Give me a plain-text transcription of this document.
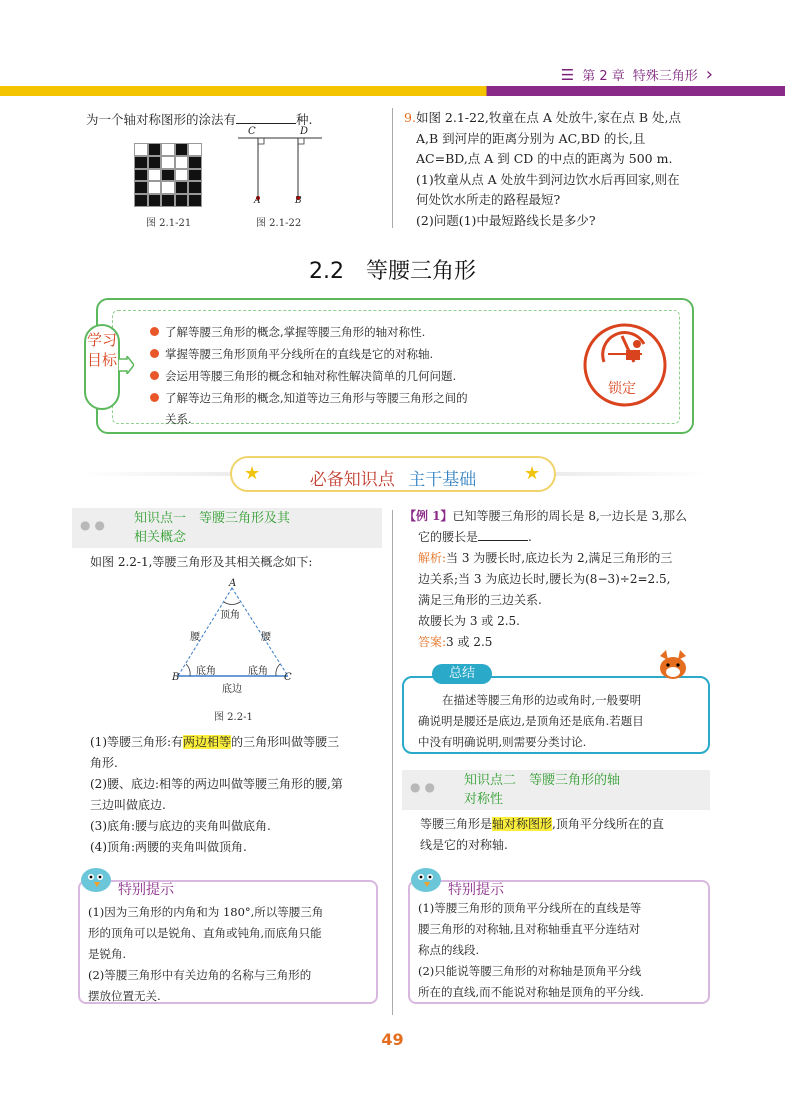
☰ 第 2 章 特殊三角形 ›
为一个轴对称图形的涂法有	种.
图 2.1-21
C	D
A	B
图 2.1-22
9.如图 2.1-22,牧童在点 A 处放牛,家在点 B 处,点
A,B 到河岸的距离分别为 AC,BD 的长,且
AC=BD,点 A 到 CD 的中点的距离为 500 m.
(1)牧童从点 A 处放牛到河边饮水后再回家,则在
何处饮水所走的路程最短?
(2)问题(1)中最短路线长是多少?
2.2　等腰三角形
学习目标
了解等腰三角形的概念,掌握等腰三角形的轴对称性.
掌握等腰三角形顶角平分线所在的直线是它的对称轴.
会运用等腰三角形的概念和轴对称性解决简单的几何问题.
了解等边三角形的概念,知道等边三角形与等腰三角形之间的
关系.
锁定
★	★
必备知识点 主干基础
●● 知识点一　等腰三角形及其
相关概念
如图 2.2-1,等腰三角形及其相关概念如下:
A
B	C
顶角
腰	腰
底角	底角
底边
图 2.2-1
(1)等腰三角形:有两边相等的三角形叫做等腰三
角形.
(2)腰、底边:相等的两边叫做等腰三角形的腰,第
三边叫做底边.
(3)底角:腰与底边的夹角叫做底角.
(4)顶角:两腰的夹角叫做顶角.
特别提示
(1)因为三角形的内角和为 180°,所以等腰三角
形的顶角可以是锐角、直角或钝角,而底角只能
是锐角.
(2)等腰三角形中有关边角的名称与三角形的
摆放位置无关.
【例 1】已知等腰三角形的周长是 8,一边长是 3,那么
它的腰长是	.
解析:当 3 为腰长时,底边长为 2,满足三角形的三
边关系;当 3 为底边长时,腰长为(8−3)÷2=2.5,
满足三角形的三边关系.
故腰长为 3 或 2.5.
答案:3 或 2.5
总结
在描述等腰三角形的边或角时,一般要明
确说明是腰还是底边,是顶角还是底角.若题目
中没有明确说明,则需要分类讨论.
●● 知识点二　等腰三角形的轴
对称性
等腰三角形是轴对称图形,顶角平分线所在的直
线是它的对称轴.
特别提示
(1)等腰三角形的顶角平分线所在的直线是等
腰三角形的对称轴,且对称轴垂直平分连结对
称点的线段.
(2)只能说等腰三角形的对称轴是顶角平分线
所在的直线,而不能说对称轴是顶角的平分线.
49
